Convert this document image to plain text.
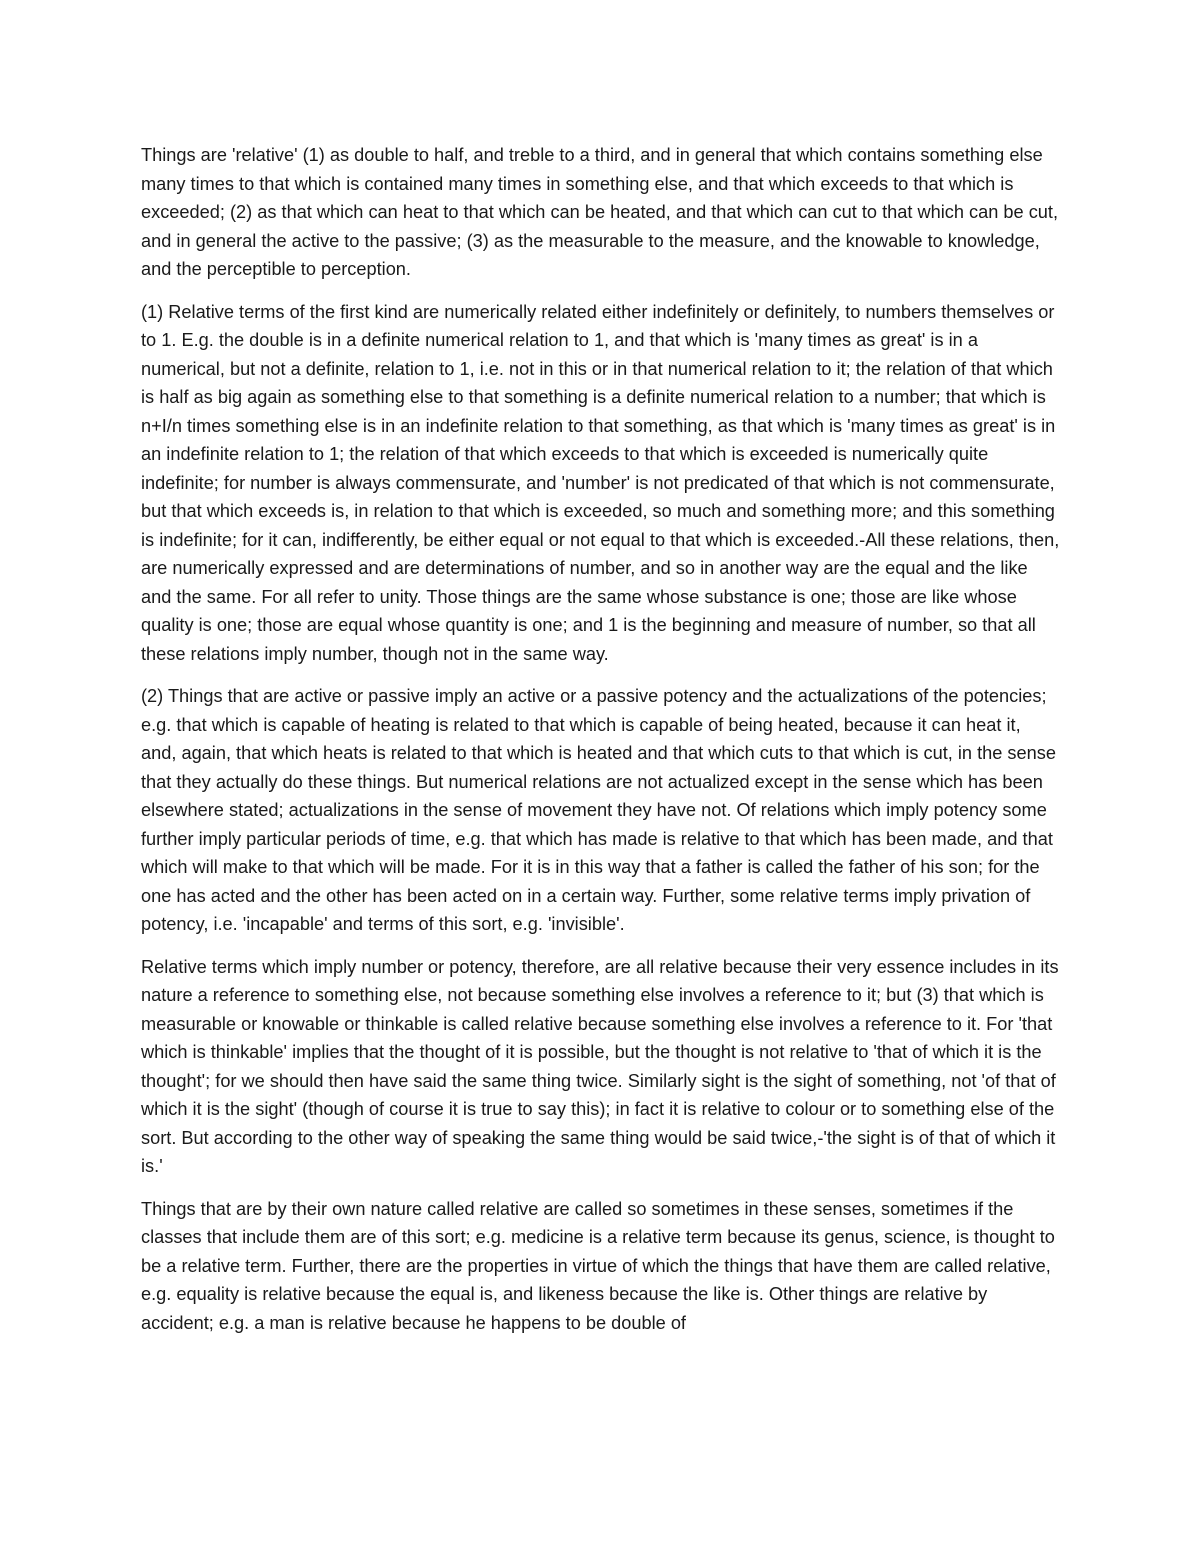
Things are 'relative' (1) as double to half, and treble to a third, and in general that which contains something else many times to that which is contained many times in something else, and that which exceeds to that which is exceeded; (2) as that which can heat to that which can be heated, and that which can cut to that which can be cut, and in general the active to the passive; (3) as the measurable to the measure, and the knowable to knowledge, and the perceptible to perception.

(1) Relative terms of the first kind are numerically related either indefinitely or definitely, to numbers themselves or to 1. E.g. the double is in a definite numerical relation to 1, and that which is 'many times as great' is in a numerical, but not a definite, relation to 1, i.e. not in this or in that numerical relation to it; the relation of that which is half as big again as something else to that something is a definite numerical relation to a number; that which is n+I/n times something else is in an indefinite relation to that something, as that which is 'many times as great' is in an indefinite relation to 1; the relation of that which exceeds to that which is exceeded is numerically quite indefinite; for number is always commensurate, and 'number' is not predicated of that which is not commensurate, but that which exceeds is, in relation to that which is exceeded, so much and something more; and this something is indefinite; for it can, indifferently, be either equal or not equal to that which is exceeded.-All these relations, then, are numerically expressed and are determinations of number, and so in another way are the equal and the like and the same. For all refer to unity. Those things are the same whose substance is one; those are like whose quality is one; those are equal whose quantity is one; and 1 is the beginning and measure of number, so that all these relations imply number, though not in the same way.

(2) Things that are active or passive imply an active or a passive potency and the actualizations of the potencies; e.g. that which is capable of heating is related to that which is capable of being heated, because it can heat it, and, again, that which heats is related to that which is heated and that which cuts to that which is cut, in the sense that they actually do these things. But numerical relations are not actualized except in the sense which has been elsewhere stated; actualizations in the sense of movement they have not. Of relations which imply potency some further imply particular periods of time, e.g. that which has made is relative to that which has been made, and that which will make to that which will be made. For it is in this way that a father is called the father of his son; for the one has acted and the other has been acted on in a certain way. Further, some relative terms imply privation of potency, i.e. 'incapable' and terms of this sort, e.g. 'invisible'.

Relative terms which imply number or potency, therefore, are all relative because their very essence includes in its nature a reference to something else, not because something else involves a reference to it; but (3) that which is measurable or knowable or thinkable is called relative because something else involves a reference to it. For 'that which is thinkable' implies that the thought of it is possible, but the thought is not relative to 'that of which it is the thought'; for we should then have said the same thing twice. Similarly sight is the sight of something, not 'of that of which it is the sight' (though of course it is true to say this); in fact it is relative to colour or to something else of the sort. But according to the other way of speaking the same thing would be said twice,-'the sight is of that of which it is.'

Things that are by their own nature called relative are called so sometimes in these senses, sometimes if the classes that include them are of this sort; e.g. medicine is a relative term because its genus, science, is thought to be a relative term. Further, there are the properties in virtue of which the things that have them are called relative, e.g. equality is relative because the equal is, and likeness because the like is. Other things are relative by accident; e.g. a man is relative because he happens to be double of
